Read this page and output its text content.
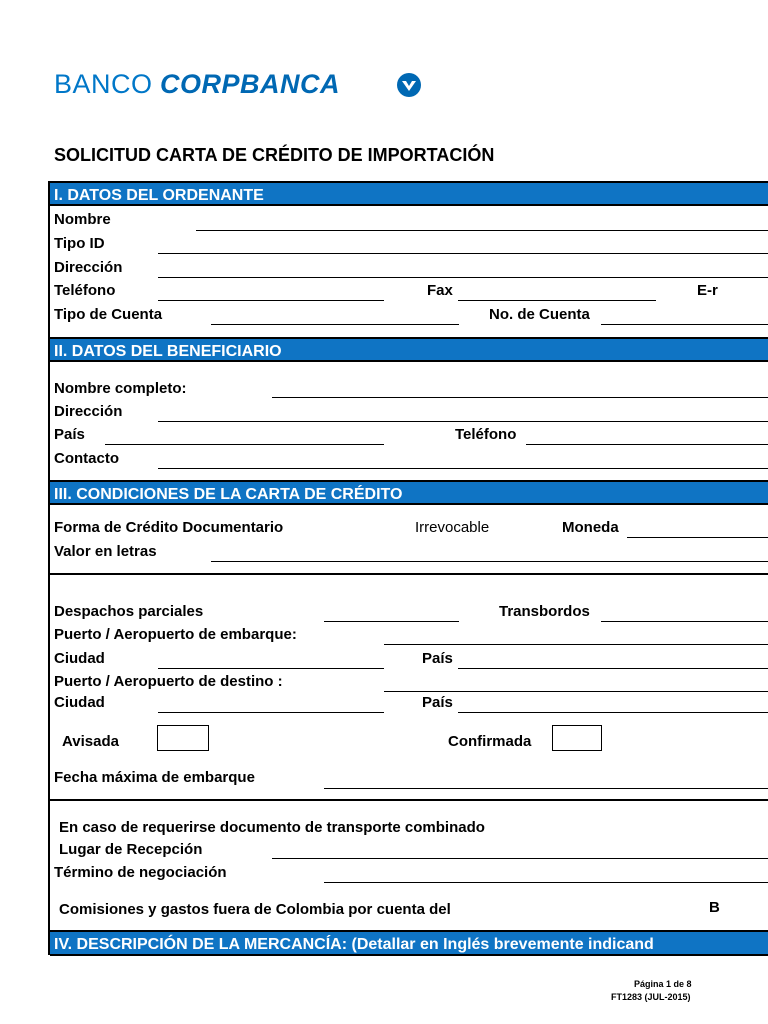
BANCO CORPBANCA
SOLICITUD CARTA DE CRÉDITO DE IMPORTACIÓN
I. DATOS DEL ORDENANTE
Nombre
Tipo ID
Dirección
Teléfono	Fax	E-r
Tipo de Cuenta	No. de Cuenta
II. DATOS DEL BENEFICIARIO
Nombre completo:
Dirección
País	Teléfono
Contacto
III. CONDICIONES DE LA CARTA DE CRÉDITO
Forma de Crédito Documentario	Irrevocable	Moneda
Valor en letras
Despachos parciales	Transbordos
Puerto / Aeropuerto de embarque:
Ciudad	País
Puerto / Aeropuerto de destino :
Ciudad	País
Avisada	Confirmada
Fecha máxima de embarque
En caso de requerirse documento de transporte combinado
Lugar de Recepción
Término de negociación
Comisiones y gastos fuera de Colombia por cuenta del	B
IV. DESCRIPCIÓN DE LA MERCANCÍA: (Detallar en Inglés brevemente indicand
Página 1 de 8
FT1283 (JUL-2015)
